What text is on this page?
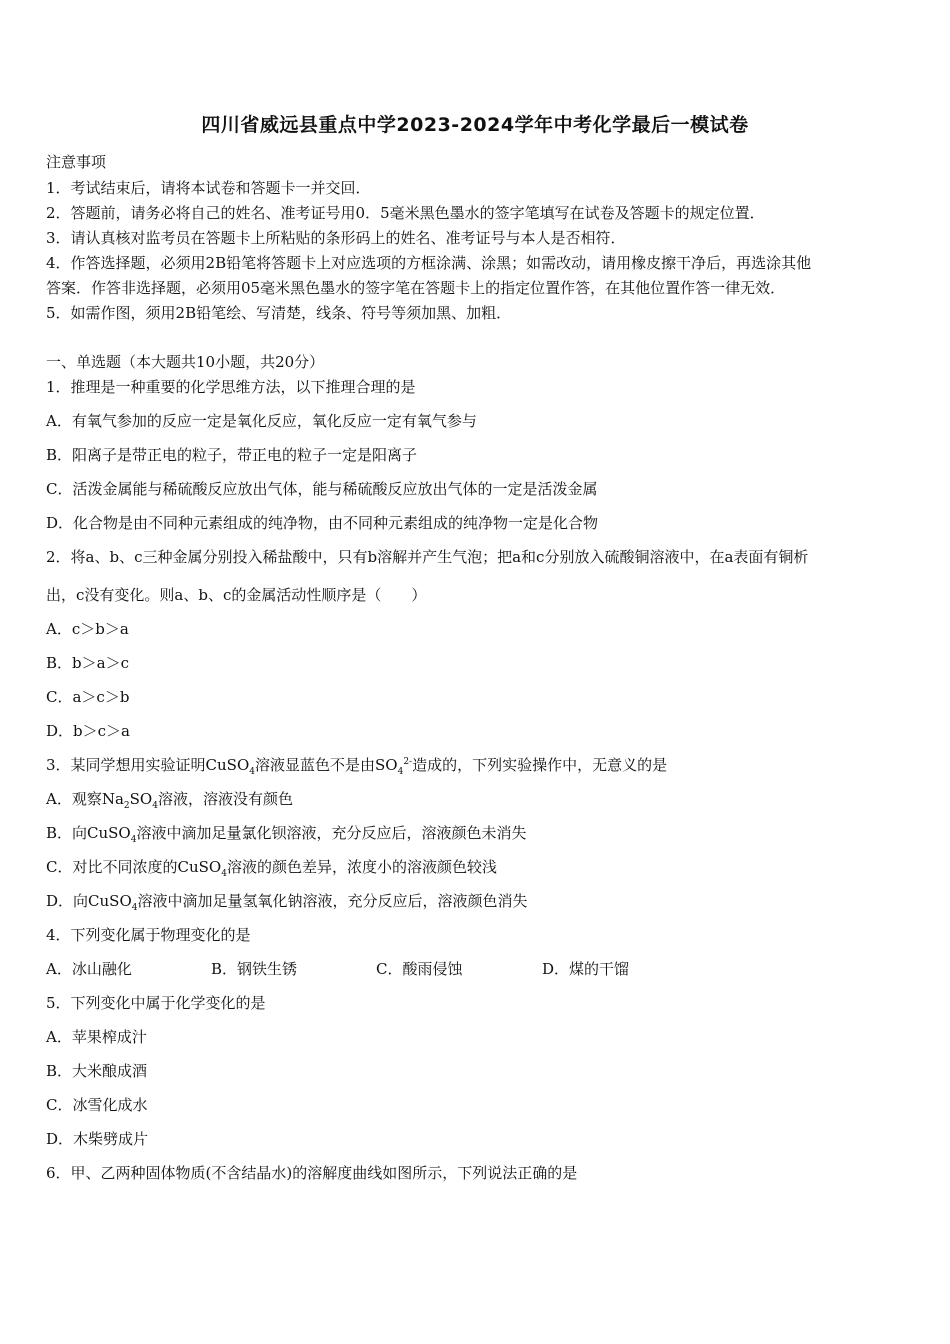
四川省威远县重点中学2023-2024学年中考化学最后一模试卷
注意事项
1．考试结束后，请将本试卷和答题卡一并交回．
2．答题前，请务必将自己的姓名、准考证号用0．5毫米黑色墨水的签字笔填写在试卷及答题卡的规定位置．
3．请认真核对监考员在答题卡上所粘贴的条形码上的姓名、准考证号与本人是否相符．
4．作答选择题，必须用2B铅笔将答题卡上对应选项的方框涂满、涂黑；如需改动，请用橡皮擦干净后，再选涂其他
答案．作答非选择题，必须用05毫米黑色墨水的签字笔在答题卡上的指定位置作答，在其他位置作答一律无效．
5．如需作图，须用2B铅笔绘、写清楚，线条、符号等须加黑、加粗．
一、单选题（本大题共10小题，共20分）
1．推理是一种重要的化学思维方法，以下推理合理的是
A．有氧气参加的反应一定是氧化反应，氧化反应一定有氧气参与
B．阳离子是带正电的粒子，带正电的粒子一定是阳离子
C．活泼金属能与稀硫酸反应放出气体，能与稀硫酸反应放出气体的一定是活泼金属
D．化合物是由不同种元素组成的纯净物，由不同种元素组成的纯净物一定是化合物
2．将a、b、c三种金属分别投入稀盐酸中，只有b溶解并产生气泡；把a和c分别放入硫酸铜溶液中，在a表面有铜析
出，c没有变化。则a、b、c的金属活动性顺序是（　　）
A．c＞b＞a
B．b＞a＞c
C．a＞c＞b
D．b＞c＞a
3．某同学想用实验证明CuSO$_4$溶液显蓝色不是由$SO_4^{2-}$造成的，下列实验操作中，无意义的是
A．观察$Na_2SO_4$溶液，溶液没有颜色
B．向CuSO$_4$溶液中滴加足量氯化钡溶液，充分反应后，溶液颜色未消失
C．对比不同浓度的CuSO$_4$溶液的颜色差异，浓度小的溶液颜色较浅
D．向CuSO$_4$溶液中滴加足量氢氧化钠溶液，充分反应后，溶液颜色消失
4．下列变化属于物理变化的是
A．冰山融化	B．钢铁生锈	C．酸雨侵蚀	D．煤的干馏
5．下列变化中属于化学变化的是
A．苹果榨成汁
B．大米酿成酒
C．冰雪化成水
D．木柴劈成片
6．甲、乙两种固体物质(不含结晶水)的溶解度曲线如图所示，下列说法正确的是
